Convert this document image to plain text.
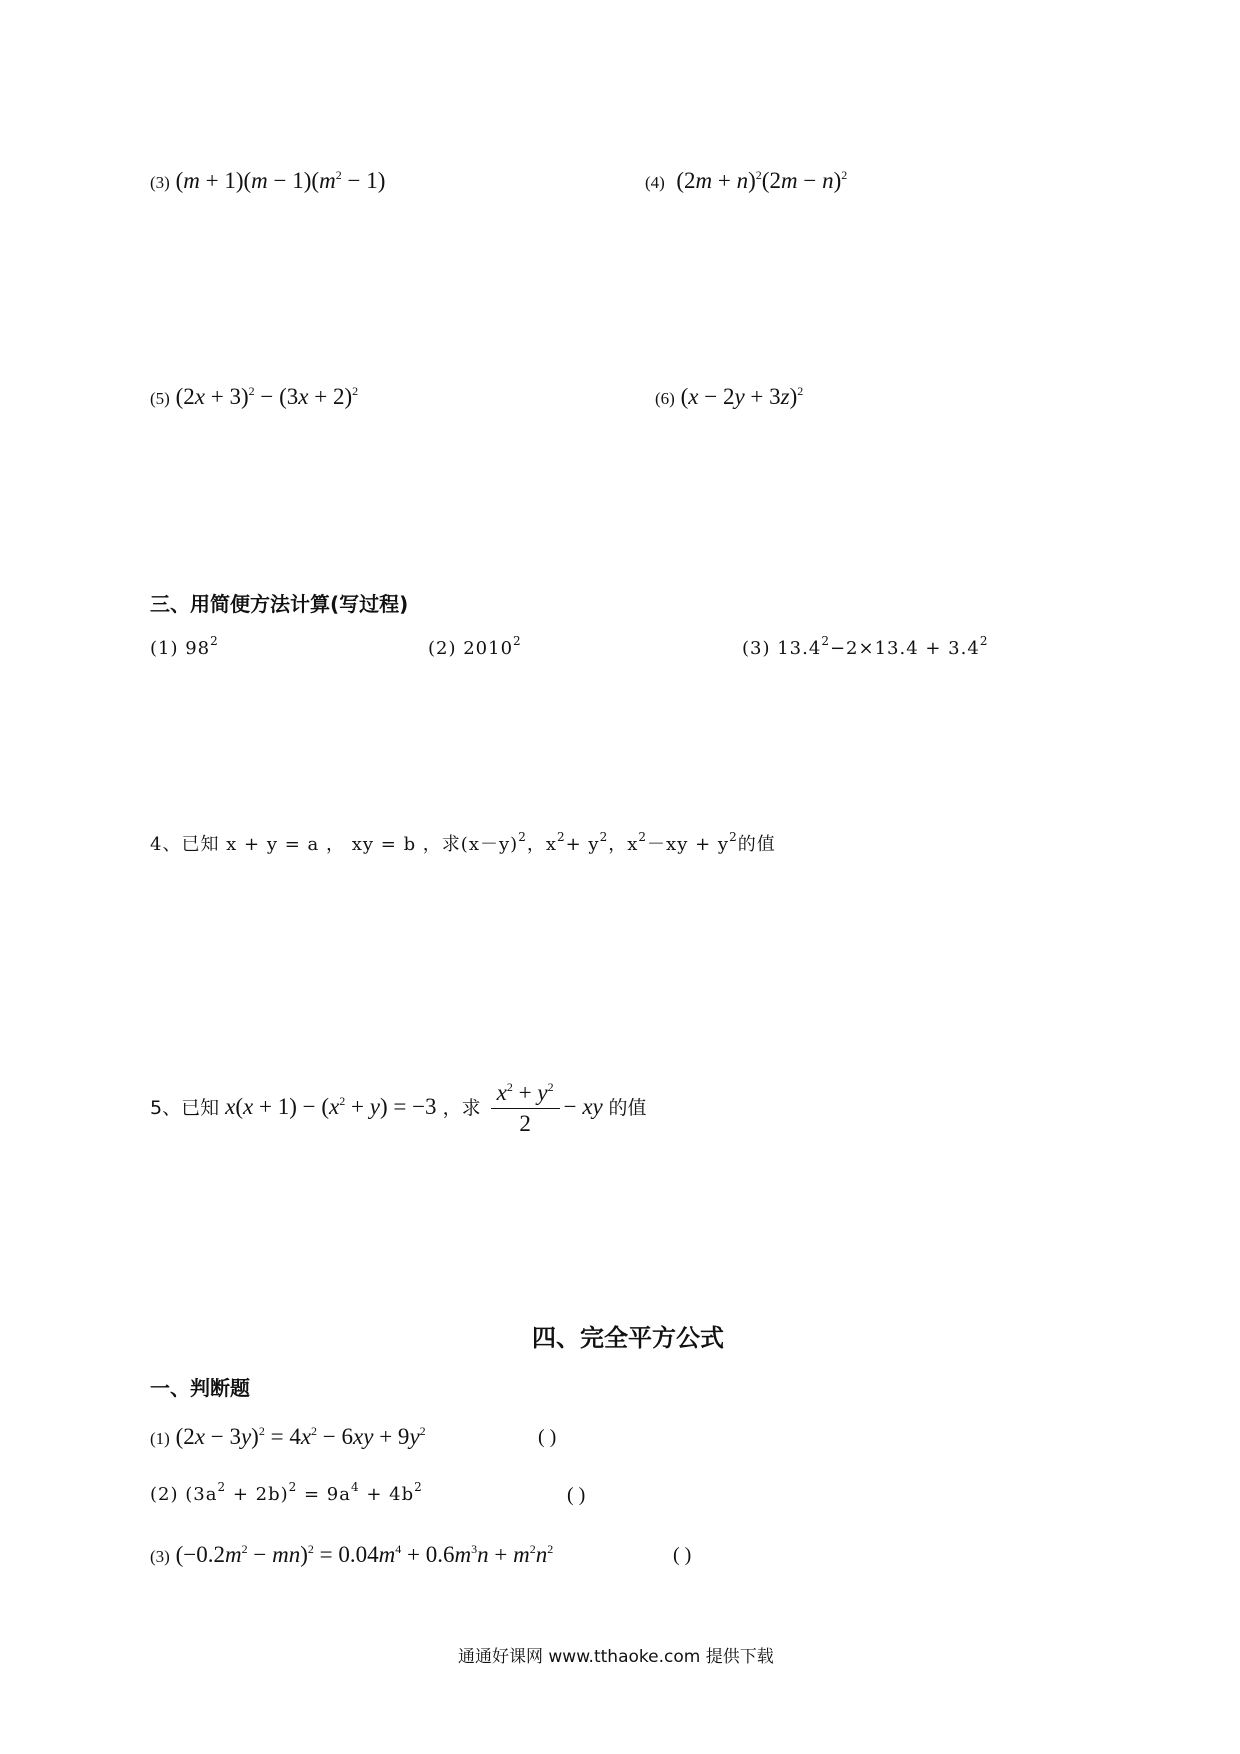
(3) $(m + 1)(m - 1)(m^2 - 1)$	(4)  $(2m + n)^2(2m - n)^2$
(5) $(2x + 3)^2 - (3x + 2)^2$	(6) $(x - 2y + 3z)^2$
三、用简便方法计算(写过程)
(1) $98^2$	(2) 2010$^2$	(3) $13.4^2-2\times 13.4 + 3.4^2$
4、已知 x + y = a ， xy = b ，求$(x-y)^2$，$x^2+ y^2$，$x^2-xy + y^2$的值
5、已知 $x(x + 1) - (x^2 + y) = -3$ ，求 $\frac{x^2 + y^2}{2}$ − xy 的值
四、完全平方公式
一、判断题
(1) $(2x - 3y)^2 = 4x^2 - 6xy + 9y^2$	( )
(2) $(3a^2 + 2b)^2 = 9a^4 + 4b^2$	( )
(3) $(-0.2m^2 - mn)^2 = 0.04m^4 + 0.6m^3n + m^2n^2$	( )
通通好课网 www.tthaoke.com 提供下载
